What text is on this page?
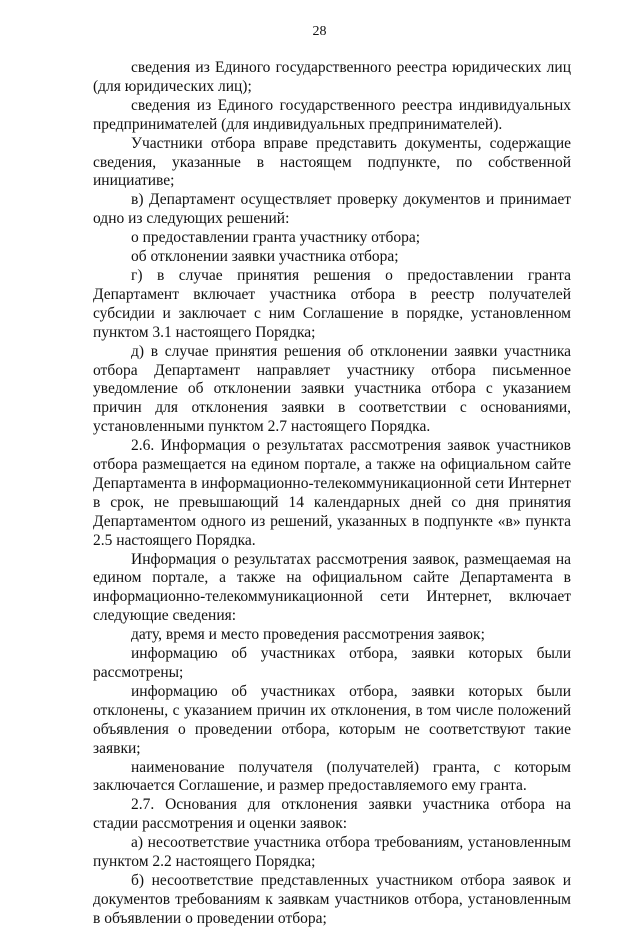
28

сведения из Единого государственного реестра юридических лиц (для юридических лиц);

сведения из Единого государственного реестра индивидуальных предпринимателей (для индивидуальных предпринимателей).

Участники отбора вправе представить документы, содержащие сведения, указанные в настоящем подпункте, по собственной инициативе;

в) Департамент осуществляет проверку документов и принимает одно из следующих решений:

о предоставлении гранта участнику отбора;

об отклонении заявки участника отбора;

г) в случае принятия решения о предоставлении гранта Департамент включает участника отбора в реестр получателей субсидии и заключает с ним Соглашение в порядке, установленном пунктом 3.1 настоящего Порядка;

д) в случае принятия решения об отклонении заявки участника отбора Департамент направляет участнику отбора письменное уведомление об отклонении заявки участника отбора с указанием причин для отклонения заявки в соответствии с основаниями, установленными пунктом 2.7 настоящего Порядка.

2.6. Информация о результатах рассмотрения заявок участников отбора размещается на едином портале, а также на официальном сайте Департамента в информационно-телекоммуникационной сети Интернет в срок, не превышающий 14 календарных дней со дня принятия Департаментом одного из решений, указанных в подпункте «в» пункта 2.5 настоящего Порядка.

Информация о результатах рассмотрения заявок, размещаемая на едином портале, а также на официальном сайте Департамента в информационно-телекоммуникационной сети Интернет, включает следующие сведения:

дату, время и место проведения рассмотрения заявок;

информацию об участниках отбора, заявки которых были рассмотрены;

информацию об участниках отбора, заявки которых были отклонены, с указанием причин их отклонения, в том числе положений объявления о проведении отбора, которым не соответствуют такие заявки;

наименование получателя (получателей) гранта, с которым заключается Соглашение, и размер предоставляемого ему гранта.

2.7. Основания для отклонения заявки участника отбора на стадии рассмотрения и оценки заявок:

а) несоответствие участника отбора требованиям, установленным пунктом 2.2 настоящего Порядка;

б) несоответствие представленных участником отбора заявок и документов требованиям к заявкам участников отбора, установленным в объявлении о проведении отбора;
